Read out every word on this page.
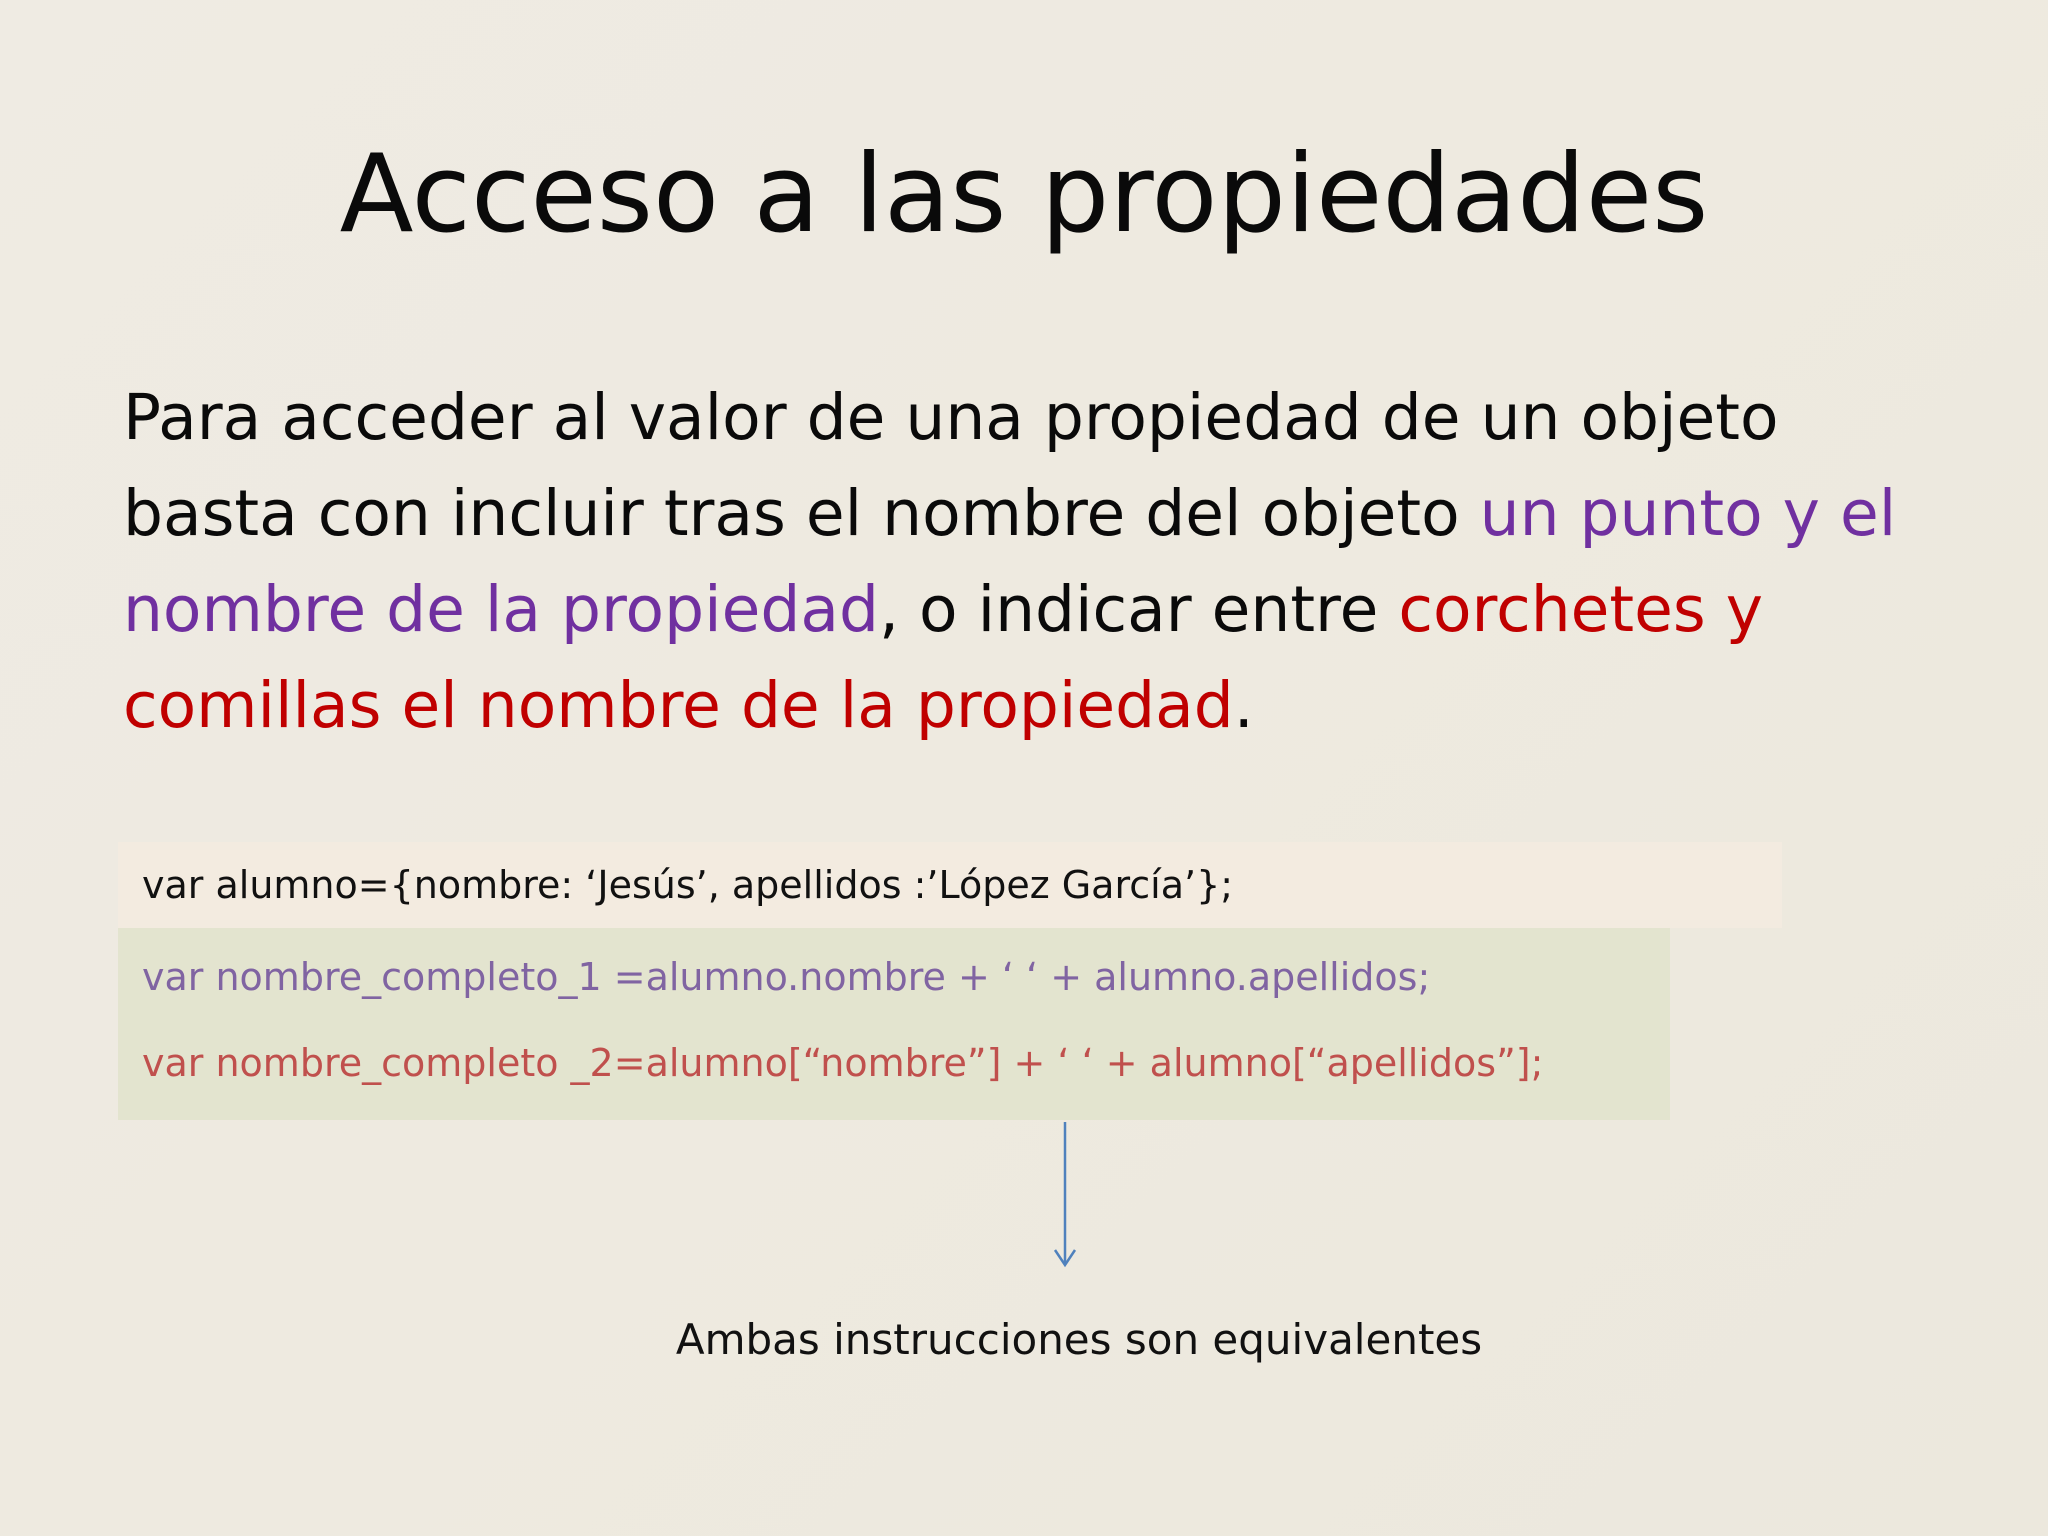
Acceso a las propiedades
Para acceder al valor de una propiedad de un objeto basta con incluir tras el nombre del objeto un punto y el nombre de la propiedad, o indicar entre corchetes y comillas el nombre de la propiedad.
var alumno={nombre: ‘Jesús’, apellidos :’López García’};
var nombre_completo_1 =alumno.nombre + ‘ ‘ + alumno.apellidos;
var nombre_completo _2=alumno[“nombre”] + ‘ ‘ + alumno[“apellidos”];
Ambas instrucciones son equivalentes
